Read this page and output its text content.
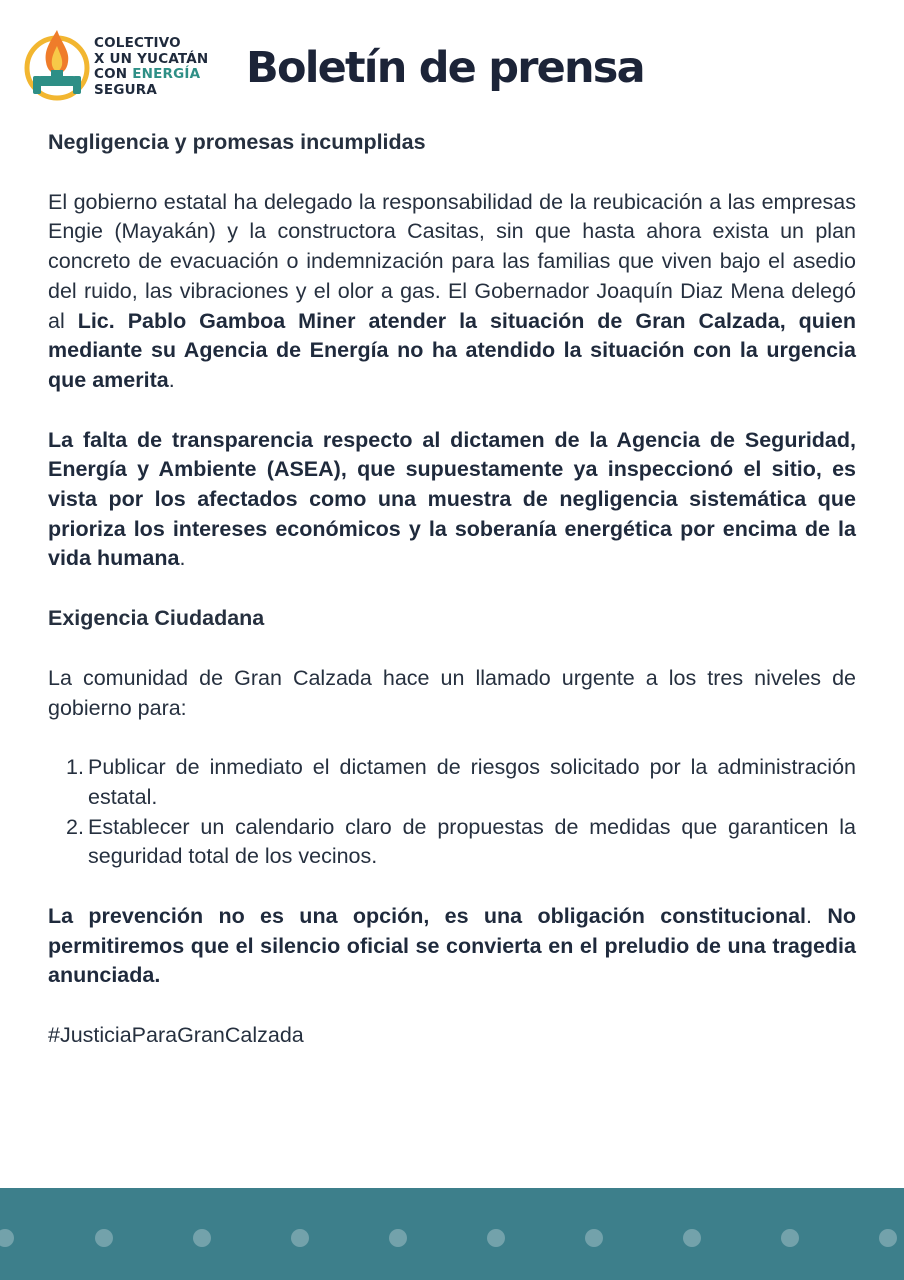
COLECTIVO
X UN YUCATÁN
CON ENERGÍA
SEGURA	Boletín de prensa

Negligencia y promesas incumplidas

El gobierno estatal ha delegado la responsabilidad de la reubicación a las empresas Engie (Mayakán) y la constructora Casitas, sin que hasta ahora exista un plan concreto de evacuación o indemnización para las familias que viven bajo el asedio del ruido, las vibraciones y el olor a gas. El Gobernador Joaquín Diaz Mena delegó al Lic. Pablo Gamboa Miner atender la situación de Gran Calzada, quien mediante su Agencia de Energía no ha atendido la situación con la urgencia que amerita.

La falta de transparencia respecto al dictamen de la Agencia de Seguridad, Energía y Ambiente (ASEA), que supuestamente ya inspeccionó el sitio, es vista por los afectados como una muestra de negligencia sistemática que prioriza los intereses económicos y la soberanía energética por encima de la vida humana.

Exigencia Ciudadana

La comunidad de Gran Calzada hace un llamado urgente a los tres niveles de gobierno para:

1. Publicar de inmediato el dictamen de riesgos solicitado por la administración estatal.
2. Establecer un calendario claro de propuestas de medidas que garanticen la seguridad total de los vecinos.

La prevención no es una opción, es una obligación constitucional. No permitiremos que el silencio oficial se convierta en el preludio de una tragedia anunciada.

#JusticiaParaGranCalzada
